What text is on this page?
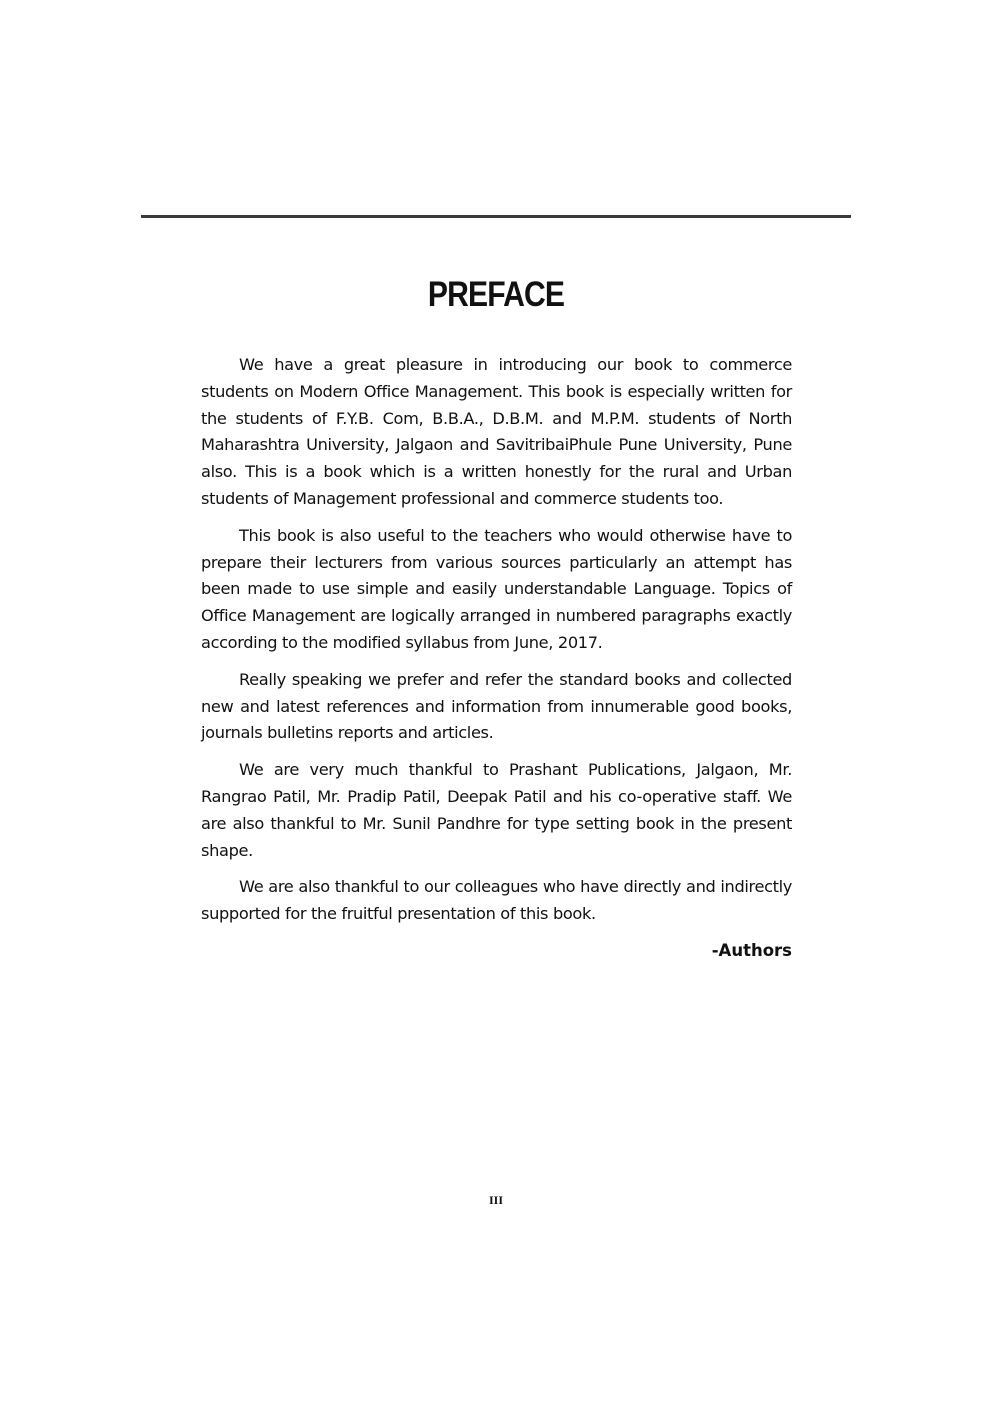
PREFACE

We have a great pleasure in introducing our book to commerce students on Modern Office Management. This book is especially written for the students of F.Y.B. Com, B.B.A., D.B.M. and M.P.M. students of North Maharashtra University, Jalgaon and SavitribaiPhule Pune University, Pune also. This is a book which is a written honestly for the rural and Urban students of Management professional and commerce students too.

This book is also useful to the teachers who would otherwise have to prepare their lecturers from various sources particularly an attempt has been made to use simple and easily understandable Language. Topics of Office Management are logically arranged in numbered paragraphs exactly according to the modified syllabus from June, 2017.

Really speaking we prefer and refer the standard books and collected new and latest references and information from innumerable good books, journals bulletins reports and articles.

We are very much thankful to Prashant Publications, Jalgaon, Mr. Rangrao Patil, Mr. Pradip Patil, Deepak Patil and his co-operative staff. We are also thankful to Mr. Sunil Pandhre for type setting book in the present shape.

We are also thankful to our colleagues who have directly and indirectly supported for the fruitful presentation of this book.

-Authors

III
